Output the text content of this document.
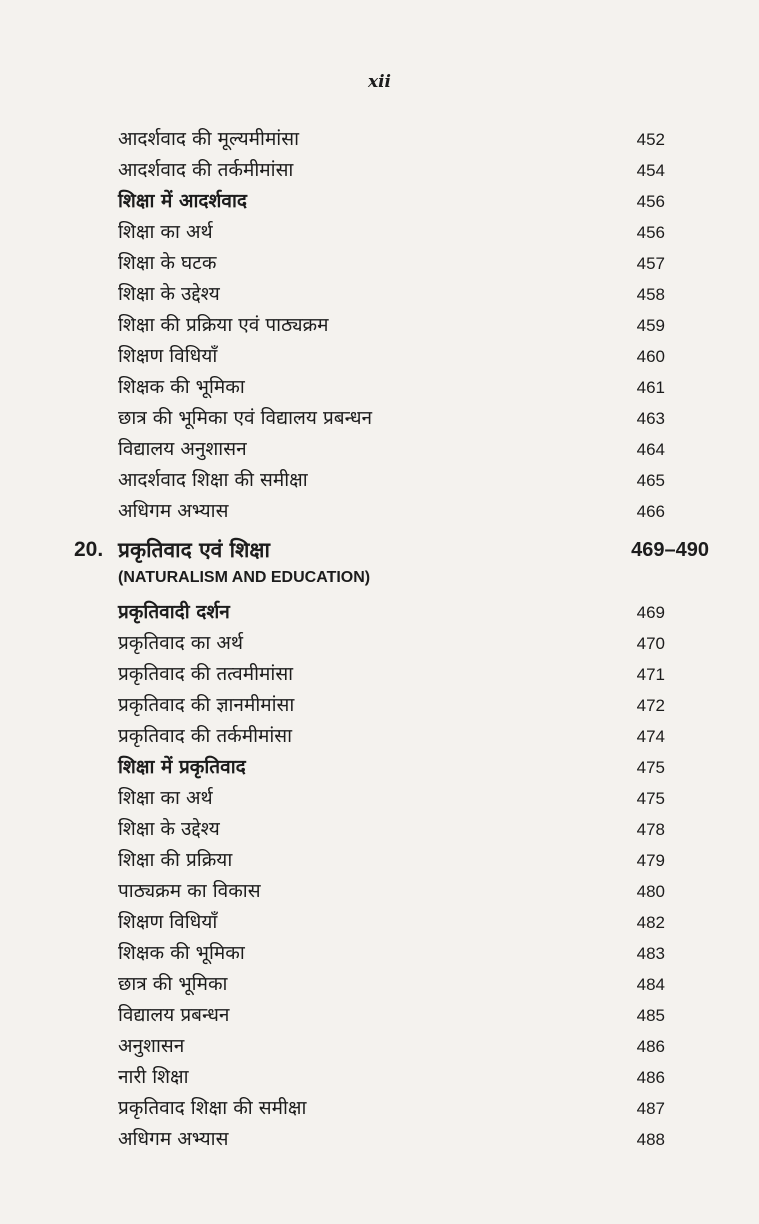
xii
आदर्शवाद की मूल्यमीमांसा	452
आदर्शवाद की तर्कमीमांसा	454
शिक्षा में आदर्शवाद	456
शिक्षा का अर्थ	456
शिक्षा के घटक	457
शिक्षा के उद्देश्य	458
शिक्षा की प्रक्रिया एवं पाठ्यक्रम	459
शिक्षण विधियाँ	460
शिक्षक की भूमिका	461
छात्र की भूमिका एवं विद्यालय प्रबन्धन	463
विद्यालय अनुशासन	464
आदर्शवाद शिक्षा की समीक्षा	465
अधिगम अभ्यास	466
20. प्रकृतिवाद एवं शिक्षा	469–490
(NATURALISM AND EDUCATION)
प्रकृतिवादी दर्शन	469
प्रकृतिवाद का अर्थ	470
प्रकृतिवाद की तत्वमीमांसा	471
प्रकृतिवाद की ज्ञानमीमांसा	472
प्रकृतिवाद की तर्कमीमांसा	474
शिक्षा में प्रकृतिवाद	475
शिक्षा का अर्थ	475
शिक्षा के उद्देश्य	478
शिक्षा की प्रक्रिया	479
पाठ्यक्रम का विकास	480
शिक्षण विधियाँ	482
शिक्षक की भूमिका	483
छात्र की भूमिका	484
विद्यालय प्रबन्धन	485
अनुशासन	486
नारी शिक्षा	486
प्रकृतिवाद शिक्षा की समीक्षा	487
अधिगम अभ्यास	488
